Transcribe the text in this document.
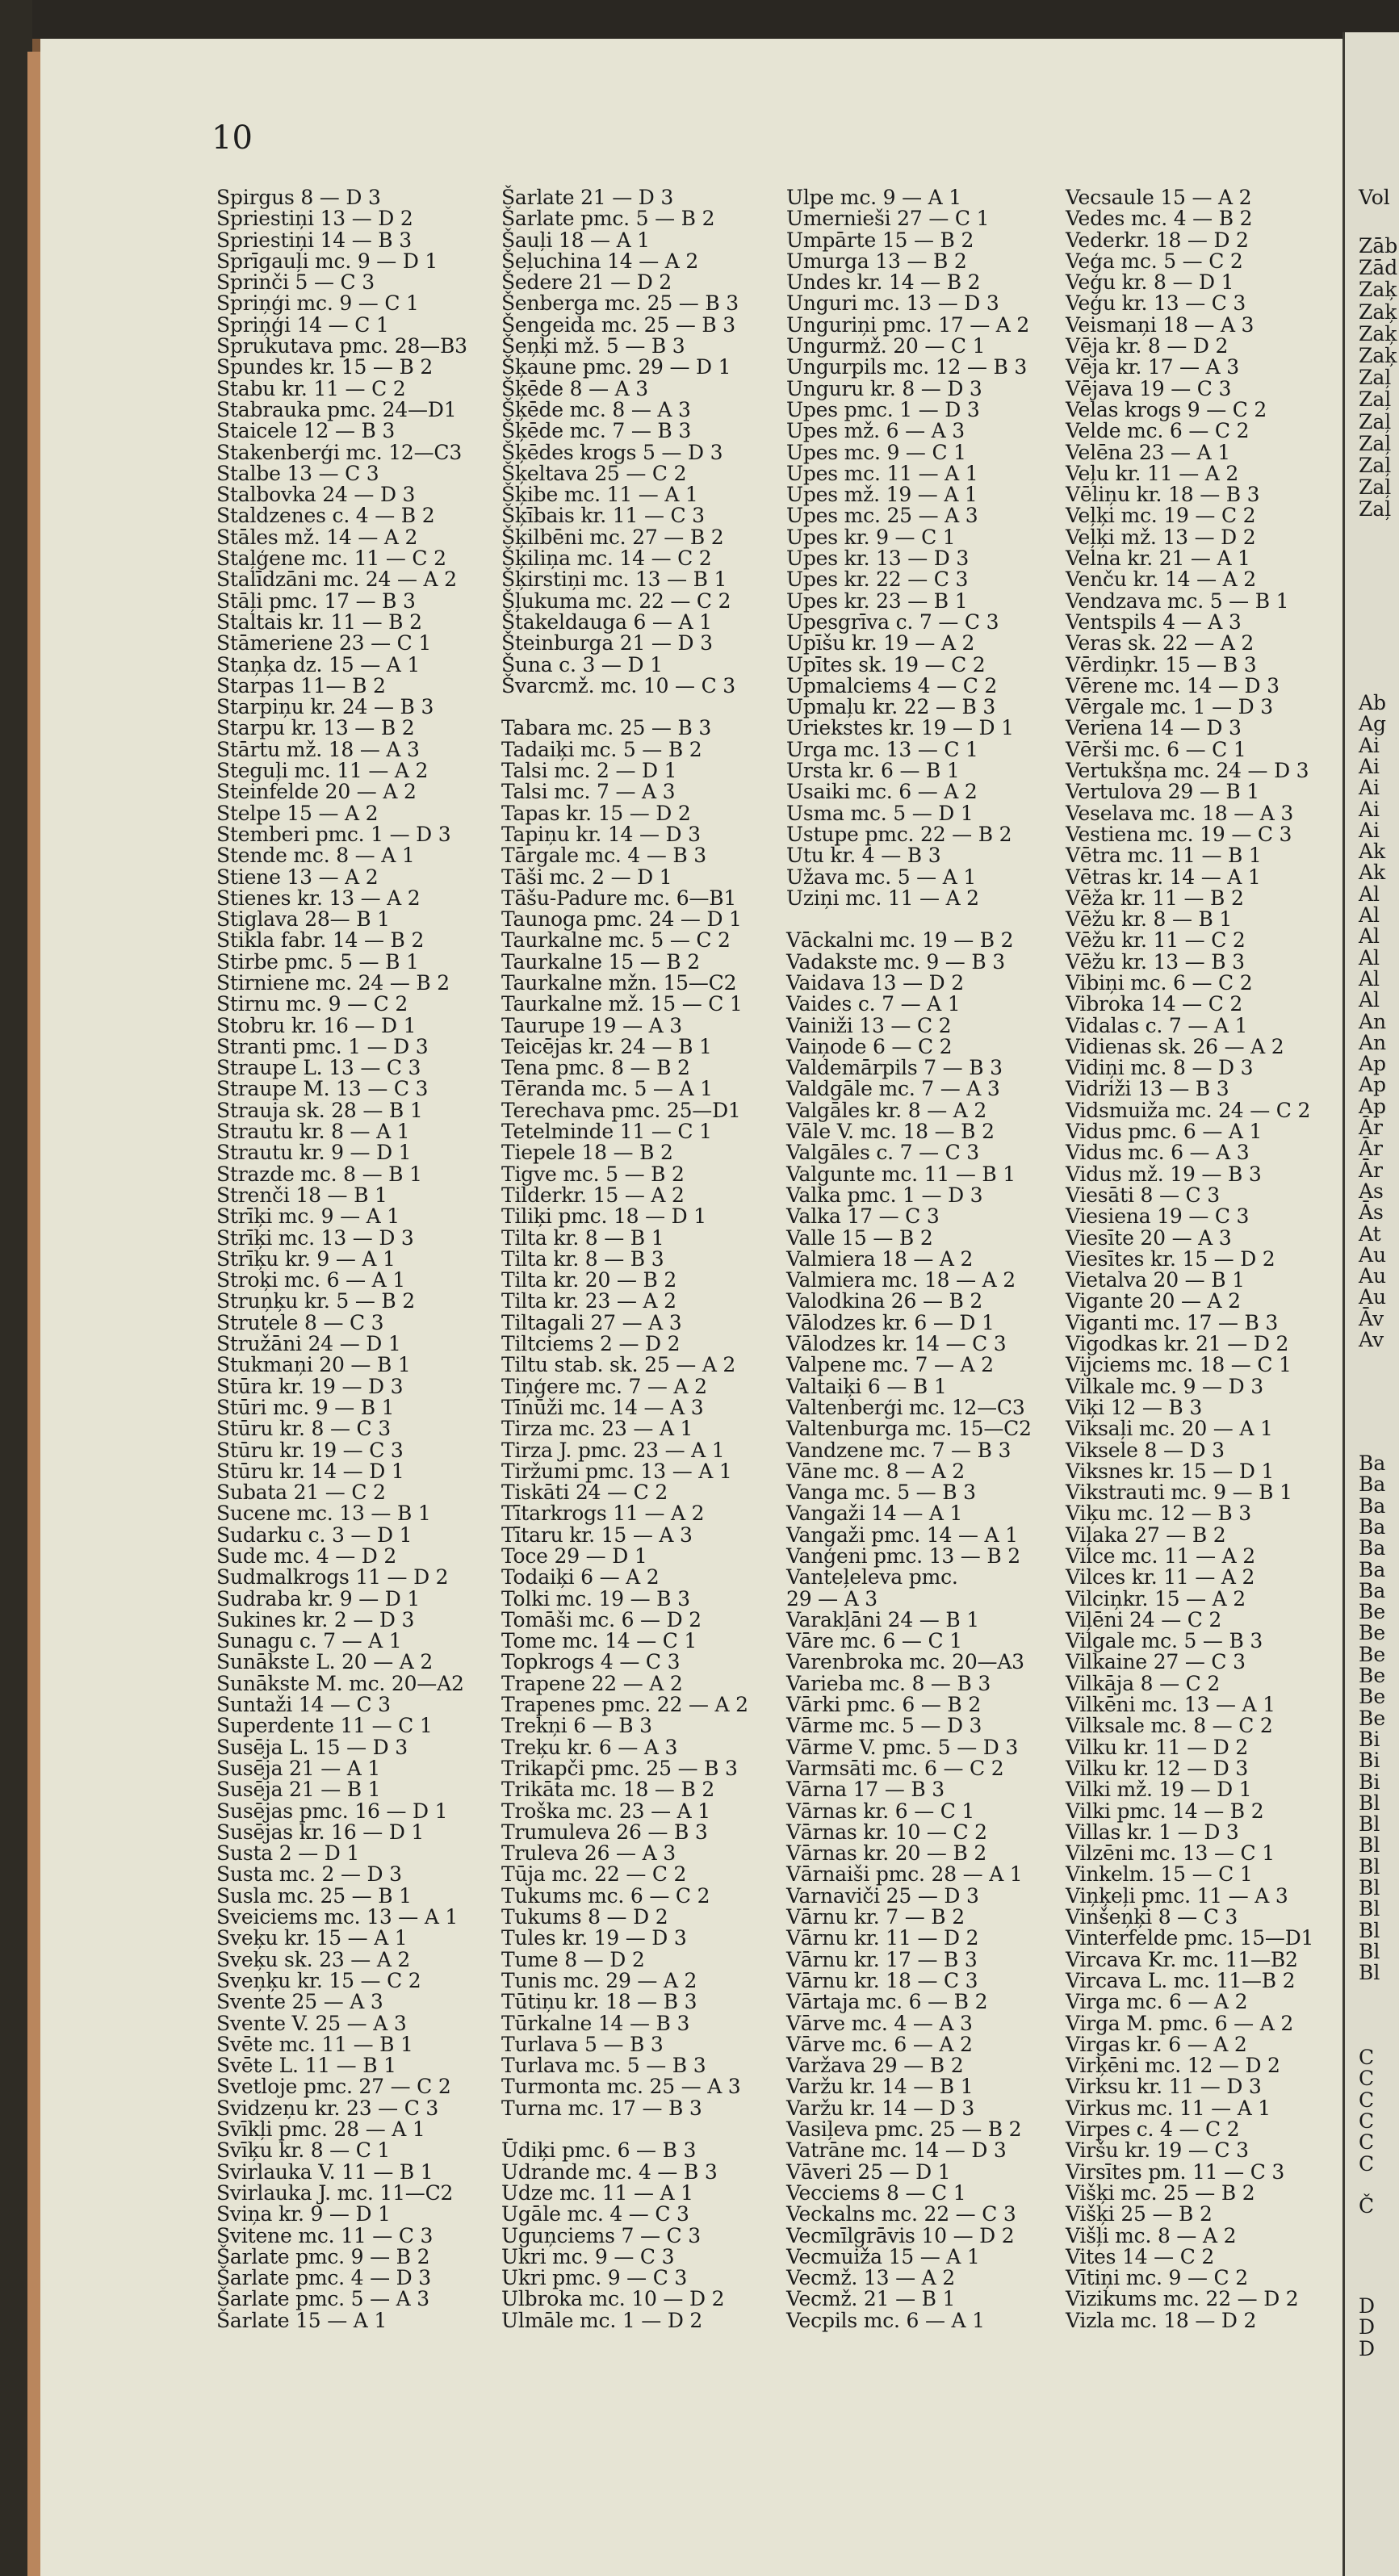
10
Spirgus 8 — D 3
Spriestiņi 13 — D 2
Spriestiņi 14 — B 3
Sprīgauļi mc. 9 — D 1
Sprinči 5 — C 3
Spriņģi mc. 9 — C 1
Spriņģi 14 — C 1
Sprukutava pmc. 28—B3
Spundes kr. 15 — B 2
Stabu kr. 11 — C 2
Stabrauka pmc. 24—D1
Staicele 12 — B 3
Stakenberģi mc. 12—C3
Stalbe 13 — C 3
Stalbovka 24 — D 3
Staldzenes c. 4 — B 2
Stāles mž. 14 — A 2
Staļģene mc. 11 — C 2
Stalīdzāni mc. 24 — A 2
Stāļi pmc. 17 — B 3
Staltais kr. 11 — B 2
Stāmeriene 23 — C 1
Staņķa dz. 15 — A 1
Starpas 11— B 2
Starpiņu kr. 24 — B 3
Starpu kr. 13 — B 2
Stārtu mž. 18 — A 3
Steguļi mc. 11 — A 2
Steinfelde 20 — A 2
Stelpe 15 — A 2
Stemberi pmc. 1 — D 3
Stende mc. 8 — A 1
Stiene 13 — A 2
Stienes kr. 13 — A 2
Stiglava 28— B 1
Stikla fabr. 14 — B 2
Stirbe pmc. 5 — B 1
Stirniene mc. 24 — B 2
Stirnu mc. 9 — C 2
Stobru kr. 16 — D 1
Stranti pmc. 1 — D 3
Straupe L. 13 — C 3
Straupe M. 13 — C 3
Strauja sk. 28 — B 1
Strautu kr. 8 — A 1
Strautu kr. 9 — D 1
Strazde mc. 8 — B 1
Strenči 18 — B 1
Strīķi mc. 9 — A 1
Strīķi mc. 13 — D 3
Strīķu kr. 9 — A 1
Stroķi mc. 6 — A 1
Struņķu kr. 5 — B 2
Strutele 8 — C 3
Stružāni 24 — D 1
Stukmaņi 20 — B 1
Stūra kr. 19 — D 3
Stūri mc. 9 — B 1
Stūru kr. 8 — C 3
Stūru kr. 19 — C 3
Stūru kr. 14 — D 1
Subata 21 — C 2
Sucene mc. 13 — B 1
Sudarku c. 3 — D 1
Sude mc. 4 — D 2
Sudmalkrogs 11 — D 2
Sudraba kr. 9 — D 1
Sukines kr. 2 — D 3
Sunagu c. 7 — A 1
Sunākste L. 20 — A 2
Sunākste M. mc. 20—A2
Suntaži 14 — C 3
Superdente 11 — C 1
Susēja L. 15 — D 3
Susēja 21 — A 1
Susēja 21 — B 1
Susējas pmc. 16 — D 1
Susējas kr. 16 — D 1
Susta 2 — D 1
Susta mc. 2 — D 3
Susla mc. 25 — B 1
Sveiciems mc. 13 — A 1
Sveķu kr. 15 — A 1
Sveķu sk. 23 — A 2
Sveņķu kr. 15 — C 2
Svente 25 — A 3
Svente V. 25 — A 3
Svēte mc. 11 — B 1
Svēte L. 11 — B 1
Svetloje pmc. 27 — C 2
Svidzeņu kr. 23 — C 3
Svīkļi pmc. 28 — A 1
Svīķu kr. 8 — C 1
Svirlauka V. 11 — B 1
Svirlauka J. mc. 11—C2
Sviņa kr. 9 — D 1
Svitene mc. 11 — C 3
Šarlate pmc. 9 — B 2
Šarlate pmc. 4 — D 3
Šarlate pmc. 5 — A 3
Šarlate 15 — A 1
Šarlate 21 — D 3
Šarlate pmc. 5 — B 2
Šauļi 18 — A 1
Šeļuchina 14 — A 2
Šedere 21 — D 2
Šenberga mc. 25 — B 3
Šengeida mc. 25 — B 3
Šeņķi mž. 5 — B 3
Šķaune pmc. 29 — D 1
Šķēde 8 — A 3
Šķēde mc. 8 — A 3
Šķēde mc. 7 — B 3
Šķēdes krogs 5 — D 3
Šķeltava 25 — C 2
Šķibe mc. 11 — A 1
Šķībais kr. 11 — C 3
Šķilbēni mc. 27 — B 2
Šķiliņa mc. 14 — C 2
Šķirstiņi mc. 13 — B 1
Šļukuma mc. 22 — C 2
Štakeldauga 6 — A 1
Šteinburga 21 — D 3
Šuna c. 3 — D 1
Švarcmž. mc. 10 — C 3
Tabara mc. 25 — B 3
Tadaiķi mc. 5 — B 2
Talsi mc. 2 — D 1
Talsi mc. 7 — A 3
Tapas kr. 15 — D 2
Tapiņu kr. 14 — D 3
Tārgale mc. 4 — B 3
Tāši mc. 2 — D 1
Tāšu-Padure mc. 6—B1
Taunoga pmc. 24 — D 1
Taurkalne mc. 5 — C 2
Taurkalne 15 — B 2
Taurkalne mžn. 15—C2
Taurkalne mž. 15 — C 1
Taurupe 19 — A 3
Teicējas kr. 24 — B 1
Tena pmc. 8 — B 2
Tēranda mc. 5 — A 1
Terechava pmc. 25—D1
Tetelminde 11 — C 1
Tiepele 18 — B 2
Tigve mc. 5 — B 2
Tilderkr. 15 — A 2
Tiliķi pmc. 18 — D 1
Tilta kr. 8 — B 1
Tilta kr. 8 — B 3
Tilta kr. 20 — B 2
Tilta kr. 23 — A 2
Tiltagali 27 — A 3
Tiltciems 2 — D 2
Tiltu stab. sk. 25 — A 2
Tiņģere mc. 7 — A 2
Tīnūži mc. 14 — A 3
Tirza mc. 23 — A 1
Tirza J. pmc. 23 — A 1
Tiržumi pmc. 13 — A 1
Tiskāti 24 — C 2
Tītarkrogs 11 — A 2
Tītaru kr. 15 — A 3
Toce 29 — D 1
Todaiķi 6 — A 2
Tolki mc. 19 — B 3
Tomāši mc. 6 — D 2
Tome mc. 14 — C 1
Topkrogs 4 — C 3
Trapene 22 — A 2
Trapenes pmc. 22 — A 2
Trekņi 6 — B 3
Treķu kr. 6 — A 3
Trikapči pmc. 25 — B 3
Trikāta mc. 18 — B 2
Troška mc. 23 — A 1
Trumuleva 26 — B 3
Truleva 26 — A 3
Tūja mc. 22 — C 2
Tukums mc. 6 — C 2
Tukums 8 — D 2
Tules kr. 19 — D 3
Tume 8 — D 2
Tunis mc. 29 — A 2
Tūtiņu kr. 18 — B 3
Tūrkalne 14 — B 3
Turlava 5 — B 3
Turlava mc. 5 — B 3
Turmonta mc. 25 — A 3
Turna mc. 17 — B 3
Ūdiķi pmc. 6 — B 3
Udrande mc. 4 — B 3
Udze mc. 11 — A 1
Ugāle mc. 4 — C 3
Uguņciems 7 — C 3
Ukri mc. 9 — C 3
Ukri pmc. 9 — C 3
Ulbroka mc. 10 — D 2
Ulmāle mc. 1 — D 2
Ulpe mc. 9 — A 1
Umernieši 27 — C 1
Umpārte 15 — B 2
Umurga 13 — B 2
Undes kr. 14 — B 2
Unguri mc. 13 — D 3
Unguriņi pmc. 17 — A 2
Ungurmž. 20 — C 1
Ungurpils mc. 12 — B 3
Unguru kr. 8 — D 3
Upes pmc. 1 — D 3
Upes mž. 6 — A 3
Upes mc. 9 — C 1
Upes mc. 11 — A 1
Upes mž. 19 — A 1
Upes mc. 25 — A 3
Upes kr. 9 — C 1
Upes kr. 13 — D 3
Upes kr. 22 — C 3
Upes kr. 23 — B 1
Upesgrīva c. 7 — C 3
Upīšu kr. 19 — A 2
Upītes sk. 19 — C 2
Upmalciems 4 — C 2
Upmaļu kr. 22 — B 3
Uriekstes kr. 19 — D 1
Urga mc. 13 — C 1
Ursta kr. 6 — B 1
Usaiki mc. 6 — A 2
Usma mc. 5 — D 1
Ustupe pmc. 22 — B 2
Utu kr. 4 — B 3
Užava mc. 5 — A 1
Uziņi mc. 11 — A 2
Vāckalni mc. 19 — B 2
Vadakste mc. 9 — B 3
Vaidava 13 — D 2
Vaides c. 7 — A 1
Vainiži 13 — C 2
Vaiņode 6 — C 2
Valdemārpils 7 — B 3
Valdgāle mc. 7 — A 3
Valgāles kr. 8 — A 2
Vāle V. mc. 18 — B 2
Valgāles c. 7 — C 3
Valgunte mc. 11 — B 1
Valka pmc. 1 — D 3
Valka 17 — C 3
Valle 15 — B 2
Valmiera 18 — A 2
Valmiera mc. 18 — A 2
Valodkina 26 — B 2
Vālodzes kr. 6 — D 1
Vālodzes kr. 14 — C 3
Valpene mc. 7 — A 2
Valtaiķi 6 — B 1
Valtenberģi mc. 12—C3
Valtenburga mc. 15—C2
Vandzene mc. 7 — B 3
Vāne mc. 8 — A 2
Vanga mc. 5 — B 3
Vangaži 14 — A 1
Vangaži pmc. 14 — A 1
Vanģeni pmc. 13 — B 2
Vanteļeleva pmc.
29 — A 3
Varakļāni 24 — B 1
Vāre mc. 6 — C 1
Varenbroka mc. 20—A3
Varieba mc. 8 — B 3
Vārki pmc. 6 — B 2
Vārme mc. 5 — D 3
Vārme V. pmc. 5 — D 3
Varmsāti mc. 6 — C 2
Vārna 17 — B 3
Vārnas kr. 6 — C 1
Vārnas kr. 10 — C 2
Vārnas kr. 20 — B 2
Vārnaiši pmc. 28 — A 1
Varnaviči 25 — D 3
Vārnu kr. 7 — B 2
Vārnu kr. 11 — D 2
Vārnu kr. 17 — B 3
Vārnu kr. 18 — C 3
Vārtaja mc. 6 — B 2
Vārve mc. 4 — A 3
Vārve mc. 6 — A 2
Varžava 29 — B 2
Varžu kr. 14 — B 1
Varžu kr. 14 — D 3
Vasiļeva pmc. 25 — B 2
Vatrāne mc. 14 — D 3
Vāveri 25 — D 1
Vecciems 8 — C 1
Veckalns mc. 22 — C 3
Vecmīlgrāvis 10 — D 2
Vecmuiža 15 — A 1
Vecmž. 13 — A 2
Vecmž. 21 — B 1
Vecpils mc. 6 — A 1
Vecsaule 15 — A 2
Vedes mc. 4 — B 2
Vederkr. 18 — D 2
Veģa mc. 5 — C 2
Veģu kr. 8 — D 1
Veģu kr. 13 — C 3
Veismaņi 18 — A 3
Vēja kr. 8 — D 2
Vēja kr. 17 — A 3
Vējava 19 — C 3
Velas krogs 9 — C 2
Velde mc. 6 — C 2
Velēna 23 — A 1
Veļu kr. 11 — A 2
Vēliņu kr. 18 — B 3
Veļķi mc. 19 — C 2
Veļķi mž. 13 — D 2
Velna kr. 21 — A 1
Venču kr. 14 — A 2
Vendzava mc. 5 — B 1
Ventspils 4 — A 3
Veras sk. 22 — A 2
Vērdiņkr. 15 — B 3
Vērene mc. 14 — D 3
Vērgale mc. 1 — D 3
Veriena 14 — D 3
Vērši mc. 6 — C 1
Vertukšņa mc. 24 — D 3
Vertulova 29 — B 1
Veselava mc. 18 — A 3
Vestiena mc. 19 — C 3
Vētra mc. 11 — B 1
Vētras kr. 14 — A 1
Vēža kr. 11 — B 2
Vēžu kr. 8 — B 1
Vēžu kr. 11 — C 2
Vēžu kr. 13 — B 3
Vibiņi mc. 6 — C 2
Vibroka 14 — C 2
Vidalas c. 7 — A 1
Vidienas sk. 26 — A 2
Vidiņi mc. 8 — D 3
Vidriži 13 — B 3
Vidsmuiža mc. 24 — C 2
Vidus pmc. 6 — A 1
Vidus mc. 6 — A 3
Vidus mž. 19 — B 3
Viesāti 8 — C 3
Viesiena 19 — C 3
Viesīte 20 — A 3
Viesītes kr. 15 — D 2
Vietalva 20 — B 1
Vigante 20 — A 2
Viganti mc. 17 — B 3
Vigodkas kr. 21 — D 2
Vijciems mc. 18 — C 1
Vilkale mc. 9 — D 3
Viķi 12 — B 3
Viksaļi mc. 20 — A 1
Viksele 8 — D 3
Viksnes kr. 15 — D 1
Vikstrauti mc. 9 — B 1
Viķu mc. 12 — B 3
Viļaka 27 — B 2
Vilce mc. 11 — A 2
Vilces kr. 11 — A 2
Vilciņkr. 15 — A 2
Viļēni 24 — C 2
Vilgale mc. 5 — B 3
Vilkaine 27 — C 3
Vilkāja 8 — C 2
Vilkēni mc. 13 — A 1
Vilksale mc. 8 — C 2
Vilku kr. 11 — D 2
Vilku kr. 12 — D 3
Vilki mž. 19 — D 1
Vilki pmc. 14 — B 2
Villas kr. 1 — D 3
Vilzēni mc. 13 — C 1
Vinkelm. 15 — C 1
Viņķeļi pmc. 11 — A 3
Vinšeņķi 8 — C 3
Vinterfelde pmc. 15—D1
Vircava Kr. mc. 11—B2
Vircava L. mc. 11—B 2
Virga mc. 6 — A 2
Virga M. pmc. 6 — A 2
Virgas kr. 6 — A 2
Virķēni mc. 12 — D 2
Virksu kr. 11 — D 3
Virkus mc. 11 — A 1
Virpes c. 4 — C 2
Viršu kr. 19 — C 3
Virsītes pm. 11 — C 3
Višķi mc. 25 — B 2
Višķi 25 — B 2
Višļi mc. 8 — A 2
Vites 14 — C 2
Vītiņi mc. 9 — C 2
Vizikums mc. 22 — D 2
Vizla mc. 18 — D 2
Vol
Zāb
Zād
Zaķ
Zaķ
Zaķ
Zaķ
Zaļ
Zaļ
Zaļ
Zaļ
Zaļ
Zaļ
Zaļ
Ab
Ag
Ai
Ai
Ai
Ai
Ai
Ak
Ak
Al
Al
Al
Al
Al
Al
An
An
Ap
Ap
Ap
Ār
Ār
Ār
As
Ās
At
Au
Au
Au
Āv
Av
Ba
Ba
Ba
Ba
Ba
Ba
Ba
Be
Be
Be
Be
Be
Be
Bi
Bi
Bi
Bl
Bl
Bl
Bl
Bl
Bl
Bl
Bl
Bl
C
C
C
C
C
C
Č
D
D
D
